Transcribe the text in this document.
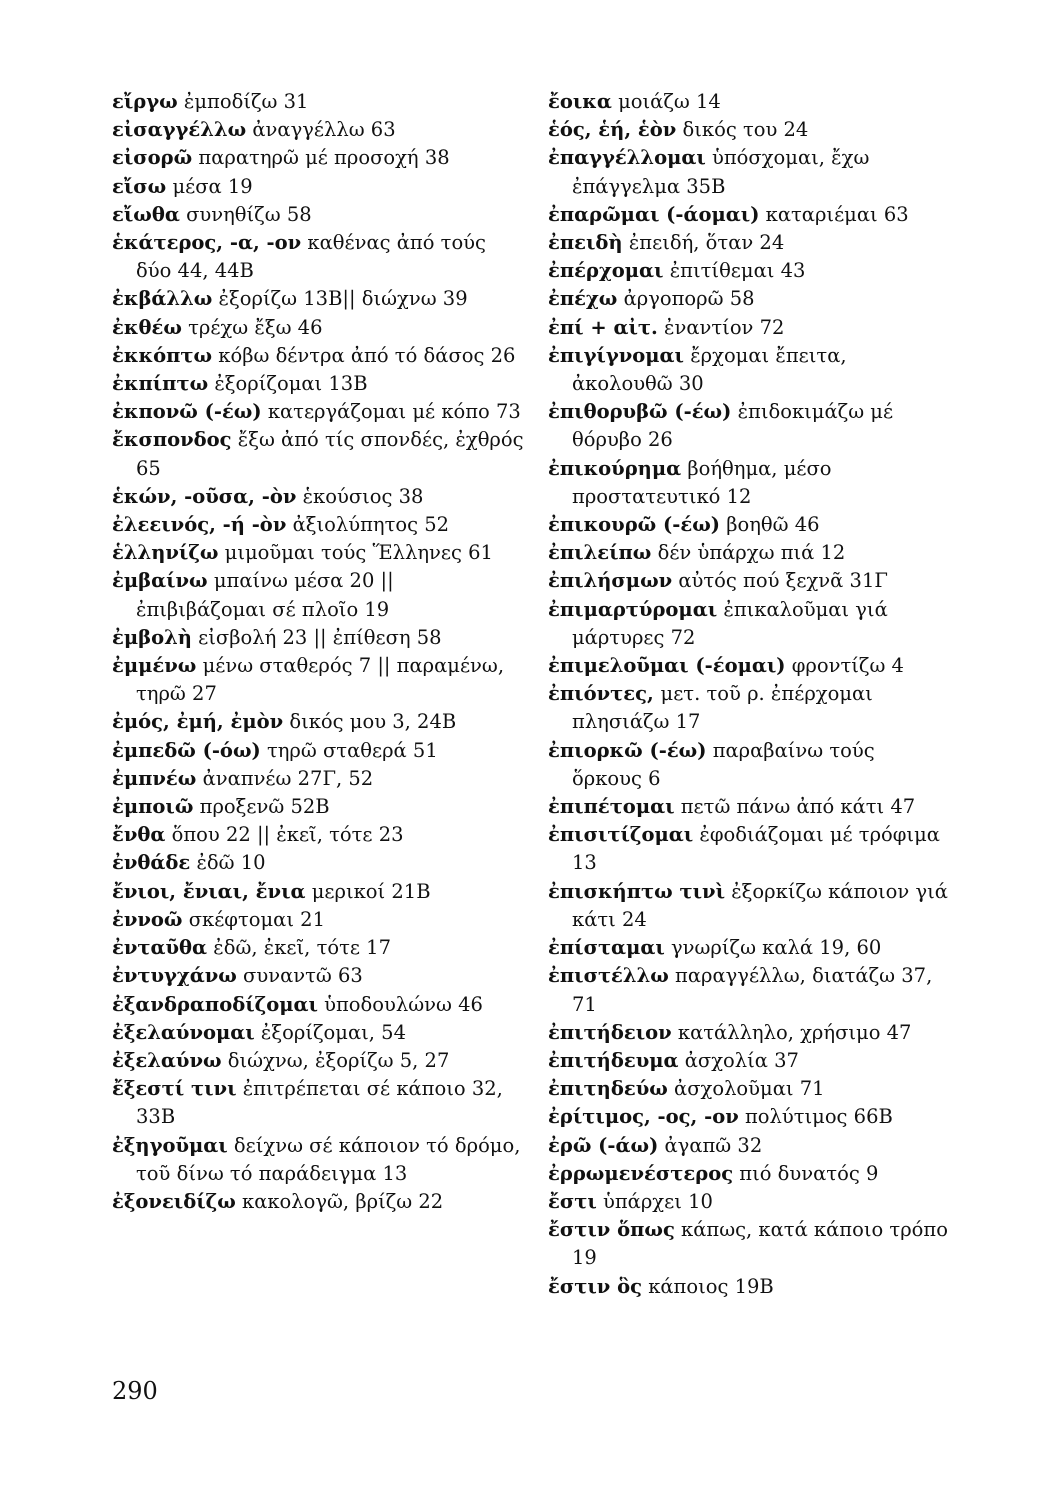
εἴργω ἐμποδίζω 31
εἰσαγγέλλω ἀναγγέλλω 63
εἰσορῶ παρατηρῶ μέ προσοχή 38
εἴσω μέσα 19
εἴωθα συνηθίζω 58
ἑκάτερος, -α, -ον καθένας ἀπό τούς δύο 44, 44Β
ἐκβάλλω ἐξορίζω 13Β|| διώχνω 39
ἐκθέω τρέχω ἔξω 46
ἐκκόπτω κόβω δέντρα ἀπό τό δάσος 26
ἐκπίπτω ἐξορίζομαι 13Β
ἐκπονῶ (-έω) κατεργάζομαι μέ κόπο 73
ἔκσπονδος ἔξω ἀπό τίς σπονδές, ἐχθρός 65
ἑκών, -οῦσα, -ὸν ἑκούσιος 38
ἐλεεινός, -ή -ὸν ἀξιολύπητος 52
ἑλληνίζω μιμοῦμαι τούς Ἕλληνες 61
ἐμβαίνω μπαίνω μέσα 20 || ἐπιβιβάζομαι σέ πλοῖο 19
ἐμβολὴ εἰσβολή 23 || ἐπίθεση 58
ἐμμένω μένω σταθερός 7 || παραμένω, τηρῶ 27
ἐμός, ἐμή, ἐμὸν δικός μου 3, 24Β
ἐμπεδῶ (-όω) τηρῶ σταθερά 51
ἐμπνέω ἀναπνέω 27Γ, 52
ἐμποιῶ προξενῶ 52Β
ἔνθα ὅπου 22 || ἐκεῖ, τότε 23
ἐνθάδε ἐδῶ 10
ἔνιοι, ἔνιαι, ἔνια μερικοί 21Β
ἐννοῶ σκέφτομαι 21
ἐνταῦθα ἐδῶ, ἐκεῖ, τότε 17
ἐντυγχάνω συναντῶ 63
ἐξανδραποδίζομαι ὑποδουλώνω 46
ἐξελαύνομαι ἐξορίζομαι, 54
ἐξελαύνω διώχνω, ἐξορίζω 5, 27
ἔξεστί τινι ἐπιτρέπεται σέ κάποιο 32, 33Β
ἐξηγοῦμαι δείχνω σέ κάποιον τό δρόμο, τοῦ δίνω τό παράδειγμα 13
ἐξονειδίζω κακολογῶ, βρίζω 22
ἔοικα μοιάζω 14
ἑός, ἑή, ἑὸν δικός του 24
ἐπαγγέλλομαι ὑπόσχομαι, ἔχω ἐπάγγελμα 35Β
ἐπαρῶμαι (-άομαι) καταριέμαι 63
ἐπειδὴ ἐπειδή, ὅταν 24
ἐπέρχομαι ἐπιτίθεμαι 43
ἐπέχω ἀργοπορῶ 58
ἐπί + αἰτ. ἐναντίον 72
ἐπιγίγνομαι ἔρχομαι ἔπειτα, ἀκολουθῶ 30
ἐπιθορυβῶ (-έω) ἐπιδοκιμάζω μέ θόρυβο 26
ἐπικούρημα βοήθημα, μέσο προστατευτικό 12
ἐπικουρῶ (-έω) βοηθῶ 46
ἐπιλείπω δέν ὑπάρχω πιά 12
ἐπιλήσμων αὐτός πού ξεχνᾶ 31Γ
ἐπιμαρτύρομαι ἐπικαλοῦμαι γιά μάρτυρες 72
ἐπιμελοῦμαι (-έομαι) φροντίζω 4
ἐπιόντες, μετ. τοῦ ρ. ἐπέρχομαι πλησιάζω 17
ἐπιορκῶ (-έω) παραβαίνω τούς ὅρκους 6
ἐπιπέτομαι πετῶ πάνω ἀπό κάτι 47
ἐπισιτίζομαι ἐφοδιάζομαι μέ τρόφιμα 13
ἐπισκήπτω τινὶ ἐξορκίζω κάποιον γιά κάτι 24
ἐπίσταμαι γνωρίζω καλά 19, 60
ἐπιστέλλω παραγγέλλω, διατάζω 37, 71
ἐπιτήδειον κατάλληλο, χρήσιμο 47
ἐπιτήδευμα ἀσχολία 37
ἐπιτηδεύω ἀσχολοῦμαι 71
ἐρίτιμος, -ος, -ον πολύτιμος 66Β
ἐρῶ (-άω) ἀγαπῶ 32
ἐρρωμενέστερος πιό δυνατός 9
ἔστι ὑπάρχει 10
ἔστιν ὅπως κάπως, κατά κάποιο τρόπο 19
ἔστιν ὃς κάποιος 19Β
290
